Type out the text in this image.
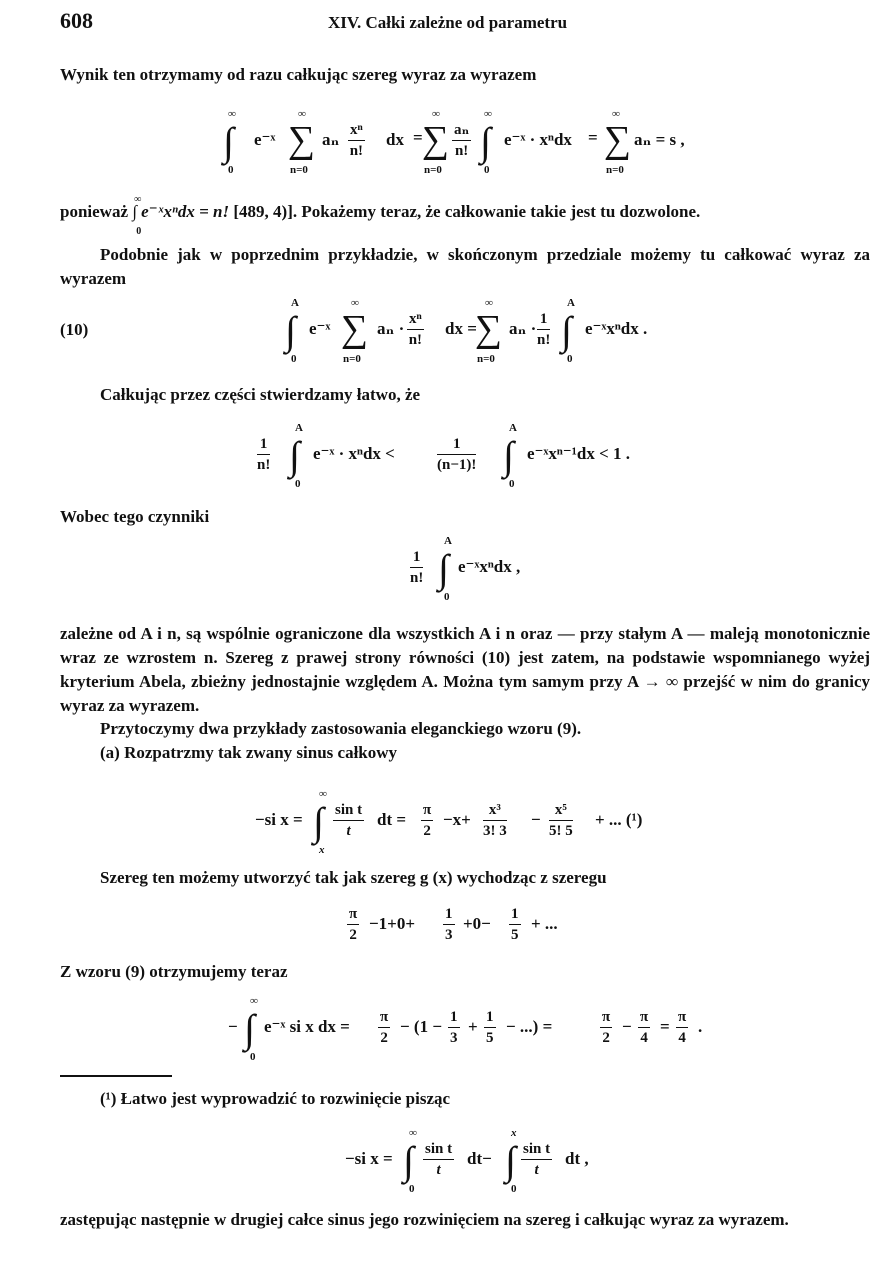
608	XIV. Całki zależne od parametru
Wynik ten otrzymamy od razu całkując szereg wyraz za wyrazem
∞
∫
0
e⁻ˣ
∞
∑
n=0
aₙ $\frac{\text{xⁿ}}{n!}$ dx =
∞
∑
n=0
$\frac{\text{aₙ}}{n!}$
∞
∫
0
e⁻ˣ · xⁿdx =
∞
∑
n=0
aₙ = s ,
ponieważ
∞
0
∫ e⁻ˣxⁿdx = n! [489, 4)]. Pokażemy teraz, że całkowanie takie jest tu dozwolone.
Podobnie jak w poprzednim przykładzie, w skończonym przedziale możemy tu całkować wyraz za wyrazem
(10)
A
∫
0
e⁻ˣ
∞
∑
n=0
$a_n \cdot \frac{\text{xⁿ}}{n!}$ dx =
∞
∑
n=0
$a_n \cdot \frac{1}{n!}$
A
∫
0
e⁻ˣxⁿdx .
Całkując przez części stwierdzamy łatwo, że
$\frac{1}{n!}$
A
∫
0
e⁻ˣ · xⁿdx <	$\frac{1}{(n-1)!}$
A
∫
0
e⁻ˣxⁿ⁻¹dx < 1 .
Wobec tego czynniki
$\frac{1}{n!}$
A
∫
0
e⁻ˣxⁿdx ,
zależne od A i n, są wspólnie ograniczone dla wszystkich A i n oraz — przy stałym A — maleją monotonicznie wraz ze wzrostem n. Szereg z prawej strony równości (10) jest zatem, na podstawie wspomnianego wyżej kryterium Abela, zbieżny jednostajnie względem A. Można tym samym przy A → ∞ przejść w nim do granicy wyraz za wyrazem.
Przytoczymy dwa przykłady zastosowania eleganckiego wzoru (9).
(a) Rozpatrzmy tak zwany sinus całkowy
−si x =
∞
∫
x
$\frac{\text{sin t}}{t}$ dt = $\frac{\pi}{2} -x+ \frac{\text{x³}}{3! 3} - \frac{\text{x⁵}}{5! 5}$ + ... (¹)
Szereg ten możemy utworzyć tak jak szereg g (x) wychodząc z szeregu
$\frac{\pi}{2} -1+0+ \frac{1}{3} +0- \frac{1}{5}$ + ...
Z wzoru (9) otrzymujemy teraz
−
∞
∫
0
e⁻ˣ si x dx = $\frac{\pi}{2} - (1 - \frac{1}{3} + \frac{1}{5}$ − ...) =	$\frac{\pi}{2} - \frac{\pi}{4} = \frac{\pi}{4}$ .
(¹) Łatwo jest wyprowadzić to rozwinięcie pisząc
−si x =
∞
∫
0
$\frac{\text{sin t}}{t} dt-$
x
∫
0
$\frac{\text{sin t}}{t}$ dt ,
zastępując następnie w drugiej całce sinus jego rozwinięciem na szereg i całkując wyraz za wyrazem.
